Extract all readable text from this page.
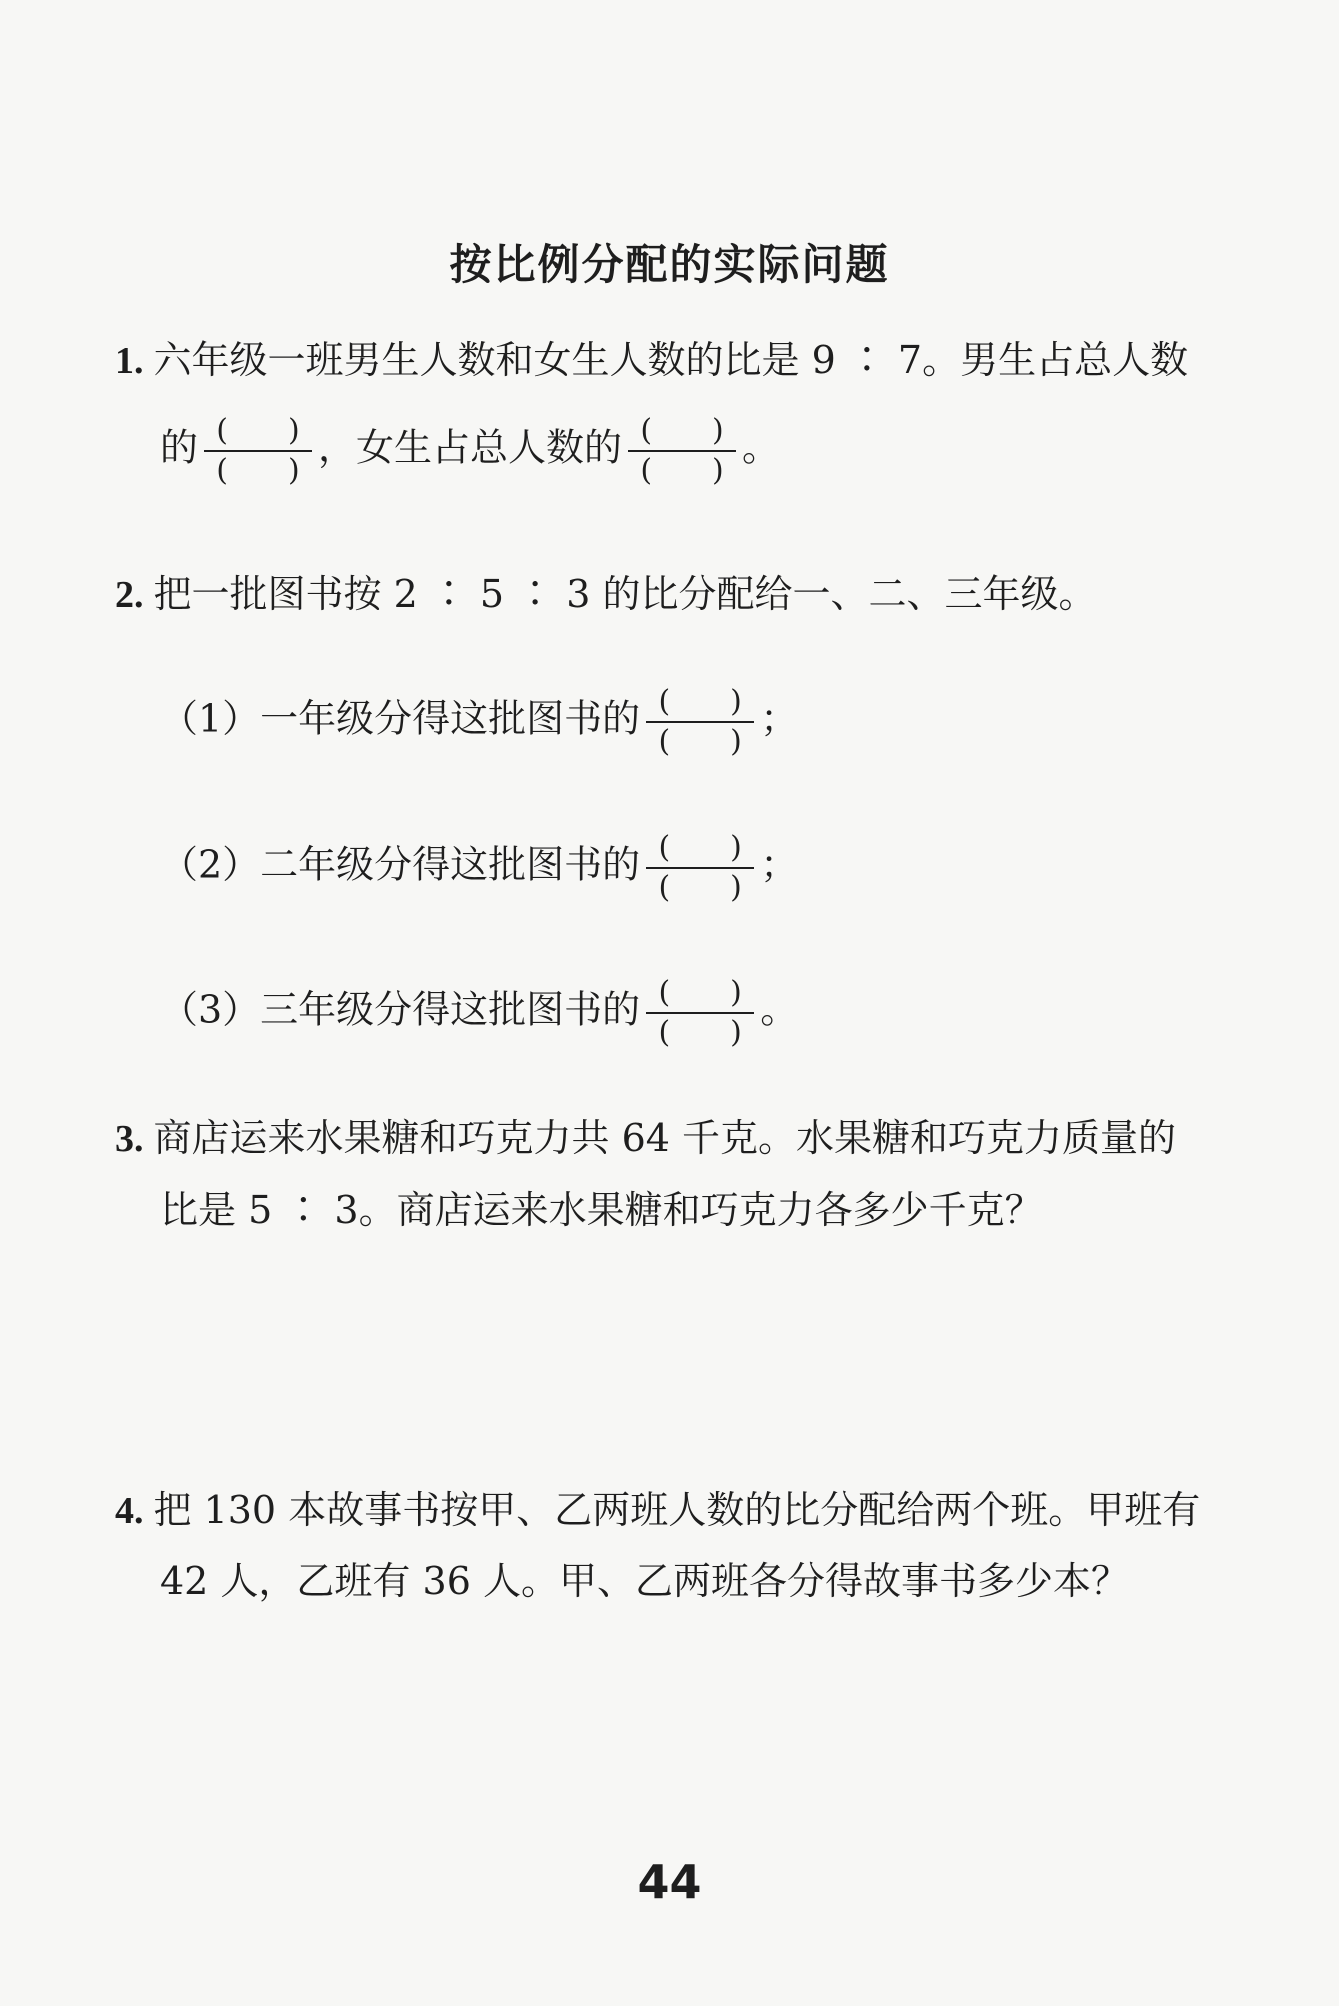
按比例分配的实际问题
1. 六年级一班男生人数和女生人数的比是 9 ∶ 7。男生占总人数
的 $\frac{( )}{( )}$ ，女生占总人数的 $\frac{( )}{( )}$ 。
2. 把一批图书按 2 ∶ 5 ∶ 3 的比分配给一、二、三年级。
（1）一年级分得这批图书的 $\frac{( )}{( )}$ ；
（2）二年级分得这批图书的 $\frac{( )}{( )}$ ；
（3）三年级分得这批图书的 $\frac{( )}{( )}$ 。
3. 商店运来水果糖和巧克力共 64 千克。水果糖和巧克力质量的
比是 5 ∶ 3。商店运来水果糖和巧克力各多少千克？
4. 把 130 本故事书按甲、乙两班人数的比分配给两个班。甲班有
42 人，乙班有 36 人。甲、乙两班各分得故事书多少本？
44
